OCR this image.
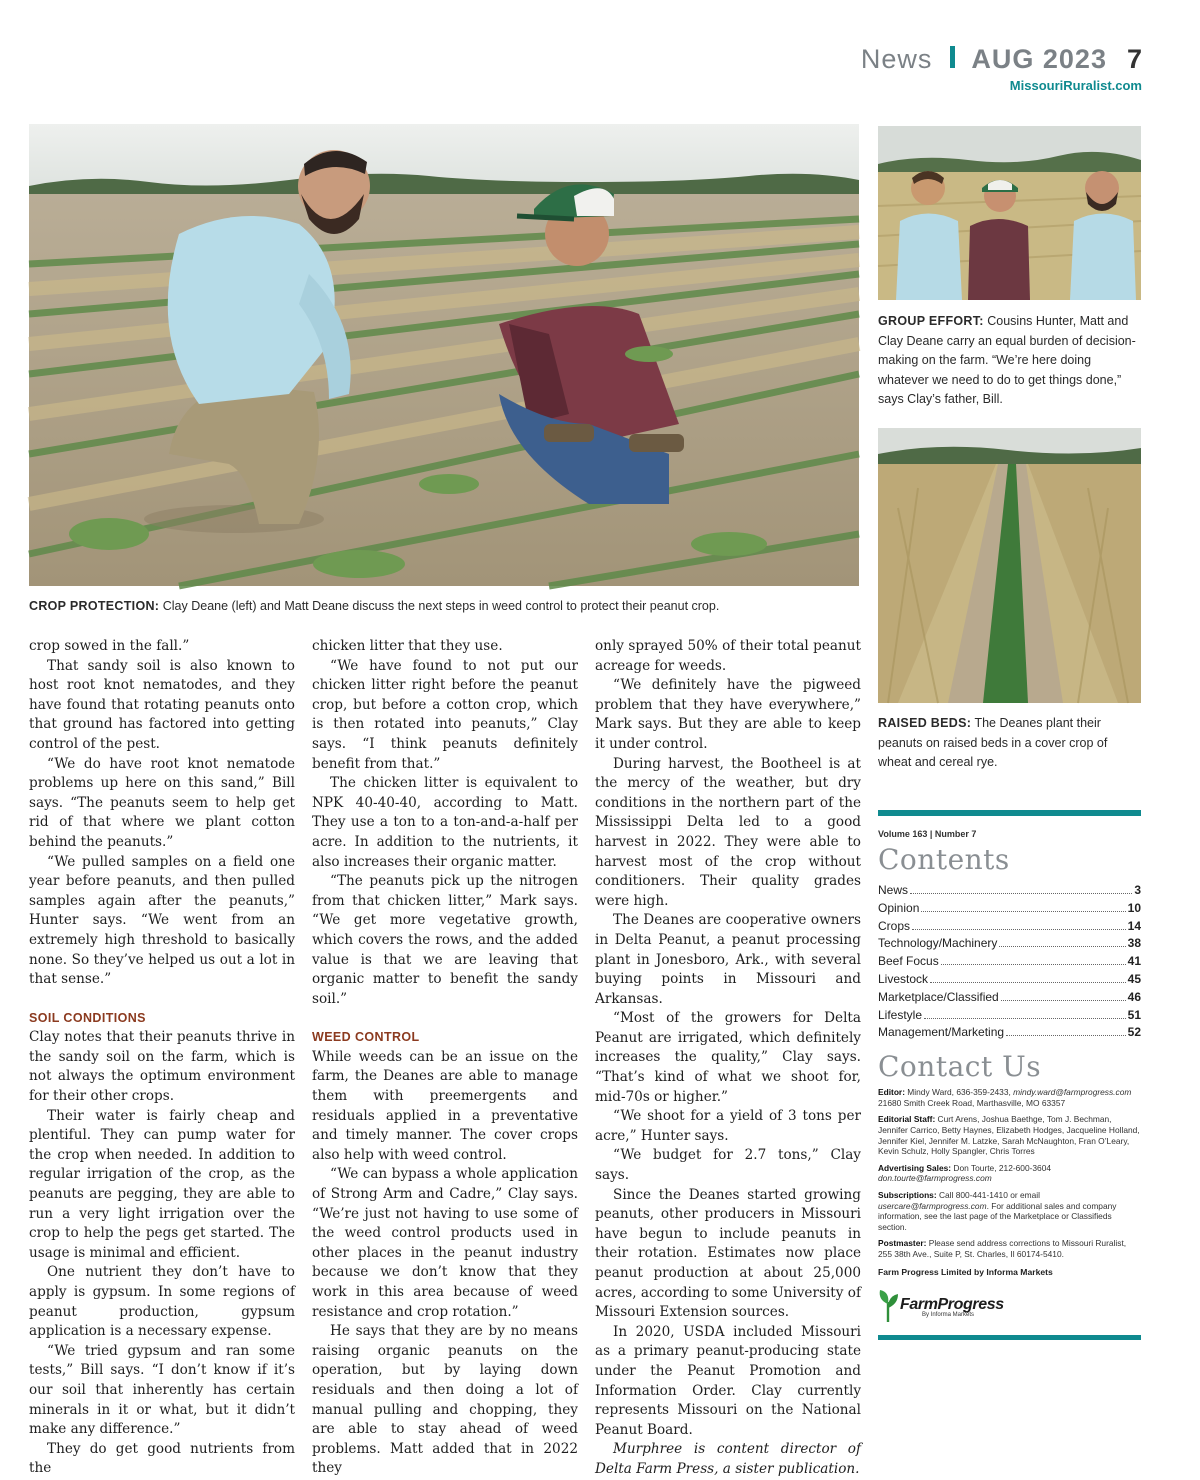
News AUG 2023 7
MissouriRuralist.com
CROP PROTECTION: Clay Deane (left) and Matt Deane discuss the next steps in weed control to protect their peanut crop.
GROUP EFFORT: Cousins Hunter, Matt and Clay Deane carry an equal burden of decision-making on the farm. “We’re here doing whatever we need to do to get things done,” says Clay’s father, Bill.
RAISED BEDS: The Deanes plant their peanuts on raised beds in a cover crop of wheat and cereal rye.

crop sowed in the fall.”

That sandy soil is also known to host root knot nematodes, and they have found that rotating peanuts onto that ground has factored into getting control of the pest.

“We do have root knot nematode problems up here on this sand,” Bill says. “The peanuts seem to help get rid of that where we plant cotton behind the peanuts.”

“We pulled samples on a field one year before peanuts, and then pulled samples again after the peanuts,” Hunter says. “We went from an extremely high threshold to basically none. So they’ve helped us out a lot in that sense.”

SOIL CONDITIONS

Clay notes that their peanuts thrive in the sandy soil on the farm, which is not always the optimum environment for their other crops.

Their water is fairly cheap and plentiful. They can pump water for the crop when needed. In addition to regular irrigation of the crop, as the peanuts are pegging, they are able to run a very light irrigation over the crop to help the pegs get started. The usage is minimal and efficient.

One nutrient they don’t have to apply is gypsum. In some regions of peanut production, gypsum application is a necessary expense.

“We tried gypsum and ran some tests,” Bill says. “I don’t know if it’s our soil that inherently has certain minerals in it or what, but it didn’t make any difference.”

They do get good nutrients from the

chicken litter that they use.

“We have found to not put our chicken litter right before the peanut crop, but before a cotton crop, which is then rotated into peanuts,” Clay says. “I think peanuts definitely benefit from that.”

The chicken litter is equivalent to NPK 40-40-40, according to Matt. They use a ton to a ton-and-a-half per acre. In addition to the nutrients, it also increases their organic matter.

“The peanuts pick up the nitrogen from that chicken litter,” Mark says. “We get more vegetative growth, which covers the rows, and the added value is that we are leaving that organic matter to benefit the sandy soil.”

WEED CONTROL

While weeds can be an issue on the farm, the Deanes are able to manage them with preemergents and residuals applied in a preventative and timely manner. The cover crops also help with weed control.

“We can bypass a whole application of Strong Arm and Cadre,” Clay says. “We’re just not having to use some of the weed control products used in other places in the peanut industry because we don’t know that they work in this area because of weed resistance and crop rotation.”

He says that they are by no means raising organic peanuts on the operation, but by laying down residuals and then doing a lot of manual pulling and chopping, they are able to stay ahead of weed problems. Matt added that in 2022 they

only sprayed 50% of their total peanut acreage for weeds.

“We definitely have the pigweed problem that they have everywhere,” Mark says. But they are able to keep it under control.

During harvest, the Bootheel is at the mercy of the weather, but dry conditions in the northern part of the Mississippi Delta led to a good harvest in 2022. They were able to harvest most of the crop without conditioners. Their quality grades were high.

The Deanes are cooperative owners in Delta Peanut, a peanut processing plant in Jonesboro, Ark., with several buying points in Missouri and Arkansas.

“Most of the growers for Delta Peanut are irrigated, which definitely increases the quality,” Clay says. “That’s kind of what we shoot for, mid-70s or higher.”

“We shoot for a yield of 3 tons per acre,” Hunter says.

“We budget for 2.7 tons,” Clay says.

Since the Deanes started growing peanuts, other producers in Missouri have begun to include peanuts in their rotation. Estimates now place peanut production at about 25,000 acres, according to some University of Missouri Extension sources.

In 2020, USDA included Missouri as a primary peanut-producing state under the Peanut Promotion and Information Order. Clay currently represents Missouri on the National Peanut Board.

Murphree is content director of Delta Farm Press, a sister publication.

Volume 163 | Number 7
Contents
News	3
Opinion	10
Crops	14
Technology/Machinery	38
Beef Focus	41
Livestock	45
Marketplace/Classified	46
Lifestyle	51
Management/Marketing	52
Contact Us
Editor: Mindy Ward, 636-359-2433, mindy.ward@farmprogress.com
21680 Smith Creek Road, Marthasville, MO 63357
Editorial Staff: Curt Arens, Joshua Baethge, Tom J. Bechman, Jennifer Carrico, Betty Haynes, Elizabeth Hodges, Jacqueline Holland, Jennifer Kiel, Jennifer M. Latzke, Sarah McNaughton, Fran O’Leary, Kevin Schulz, Holly Spangler, Chris Torres
Advertising Sales: Don Tourte, 212-600-3604
don.tourte@farmprogress.com
Subscriptions: Call 800-441-1410 or email usercare@farmprogress.com. For additional sales and company information, see the last page of the Marketplace or Classifieds section.
Postmaster: Please send address corrections to Missouri Ruralist, 255 38th Ave., Suite P, St. Charles, Il 60174-5410.
Farm Progress Limited by Informa Markets
FarmProgress
By Informa Markets
